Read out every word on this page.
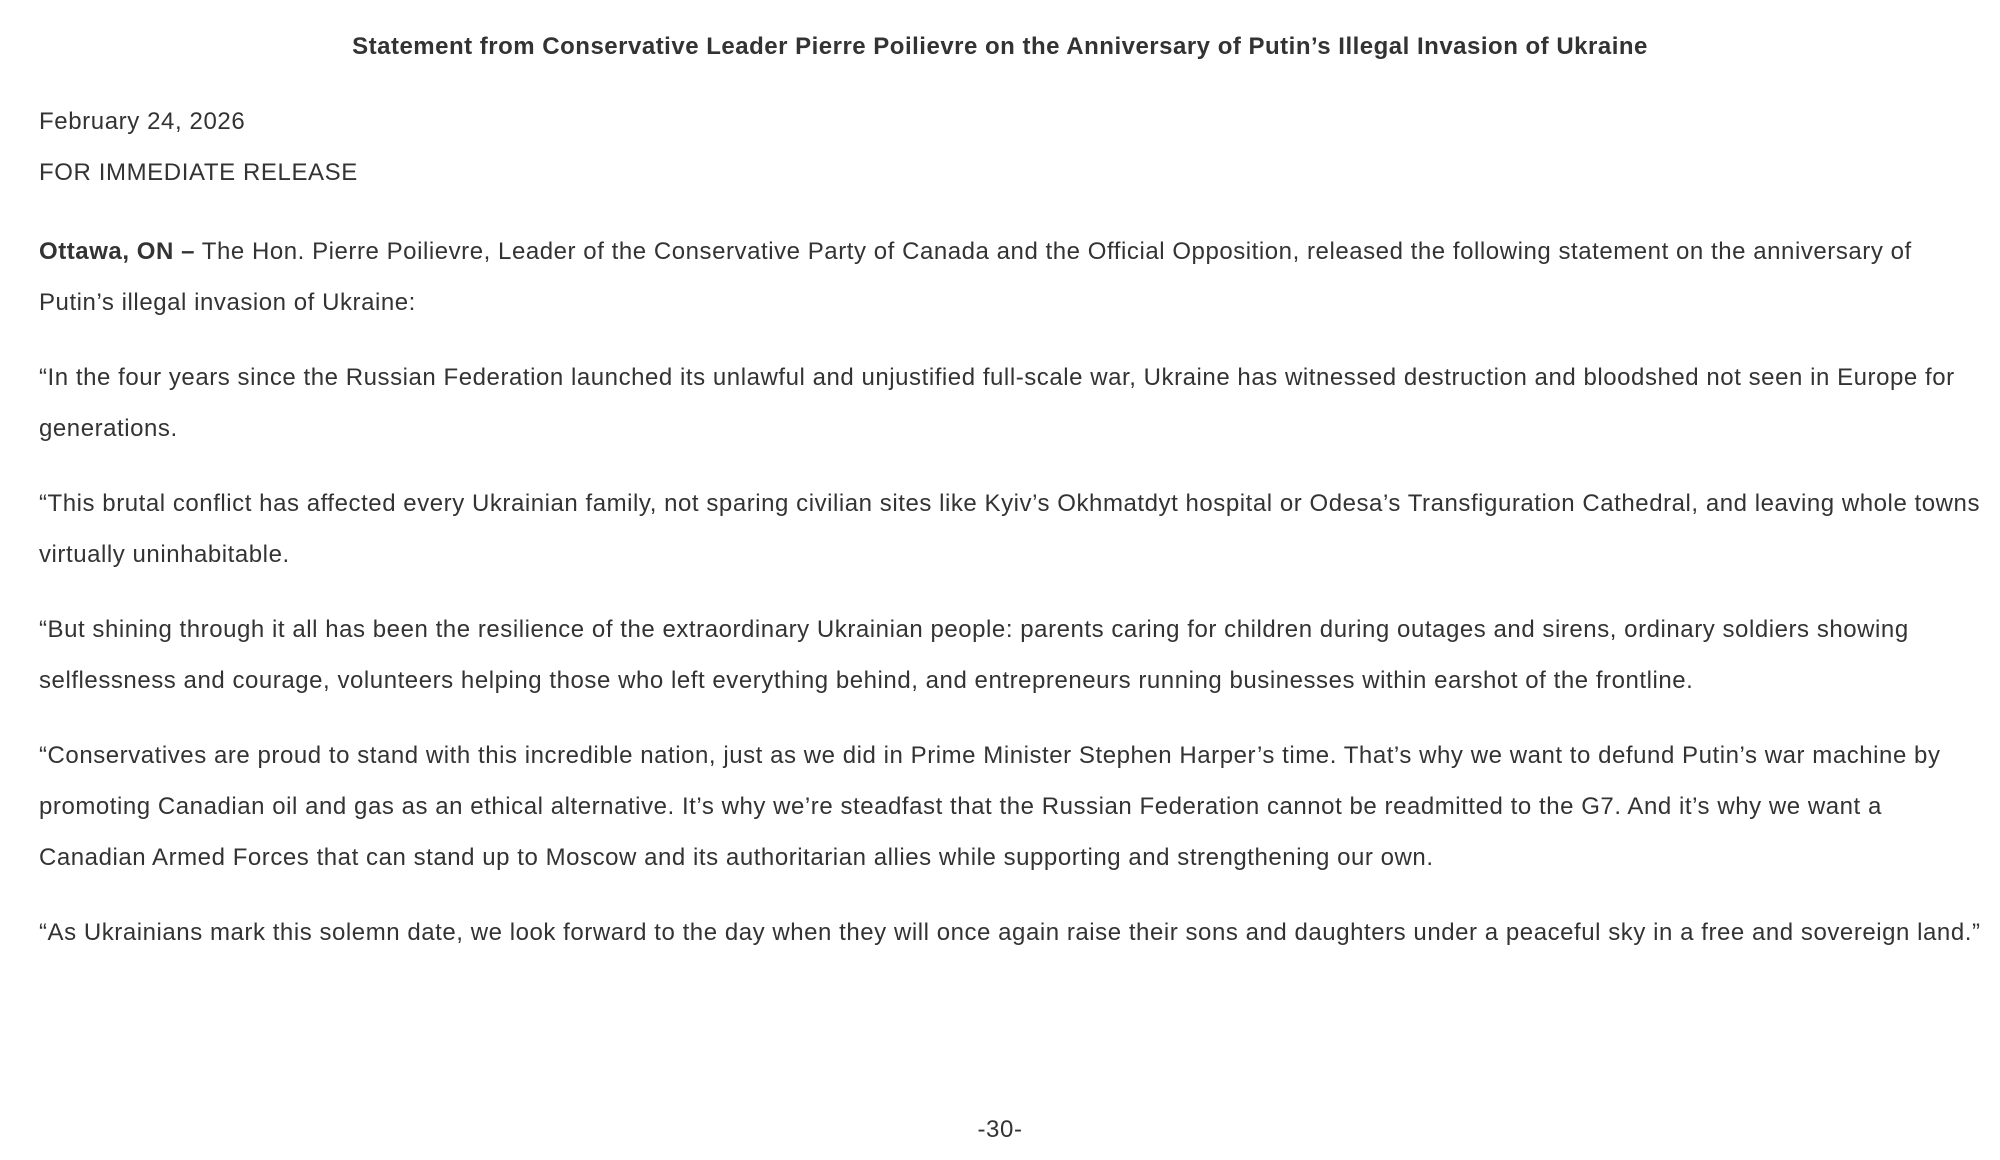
Statement from Conservative Leader Pierre Poilievre on the Anniversary of Putin’s Illegal Invasion of Ukraine
February 24, 2026
FOR IMMEDIATE RELEASE

Ottawa, ON – The Hon. Pierre Poilievre, Leader of the Conservative Party of Canada and the Official Opposition, released the following statement on the anniversary of Putin’s illegal invasion of Ukraine:

“In the four years since the Russian Federation launched its unlawful and unjustified full-scale war, Ukraine has witnessed destruction and bloodshed not seen in Europe for generations.

“This brutal conflict has affected every Ukrainian family, not sparing civilian sites like Kyiv’s Okhmatdyt hospital or Odesa’s Transfiguration Cathedral, and leaving whole towns virtually uninhabitable.

“But shining through it all has been the resilience of the extraordinary Ukrainian people: parents caring for children during outages and sirens, ordinary soldiers showing selflessness and courage, volunteers helping those who left everything behind, and entrepreneurs running businesses within earshot of the frontline.

“Conservatives are proud to stand with this incredible nation, just as we did in Prime Minister Stephen Harper’s time. That’s why we want to defund Putin’s war machine by promoting Canadian oil and gas as an ethical alternative. It’s why we’re steadfast that the Russian Federation cannot be readmitted to the G7. And it’s why we want a Canadian Armed Forces that can stand up to Moscow and its authoritarian allies while supporting and strengthening our own.

“As Ukrainians mark this solemn date, we look forward to the day when they will once again raise their sons and daughters under a peaceful sky in a free and sovereign land.”

-30-
